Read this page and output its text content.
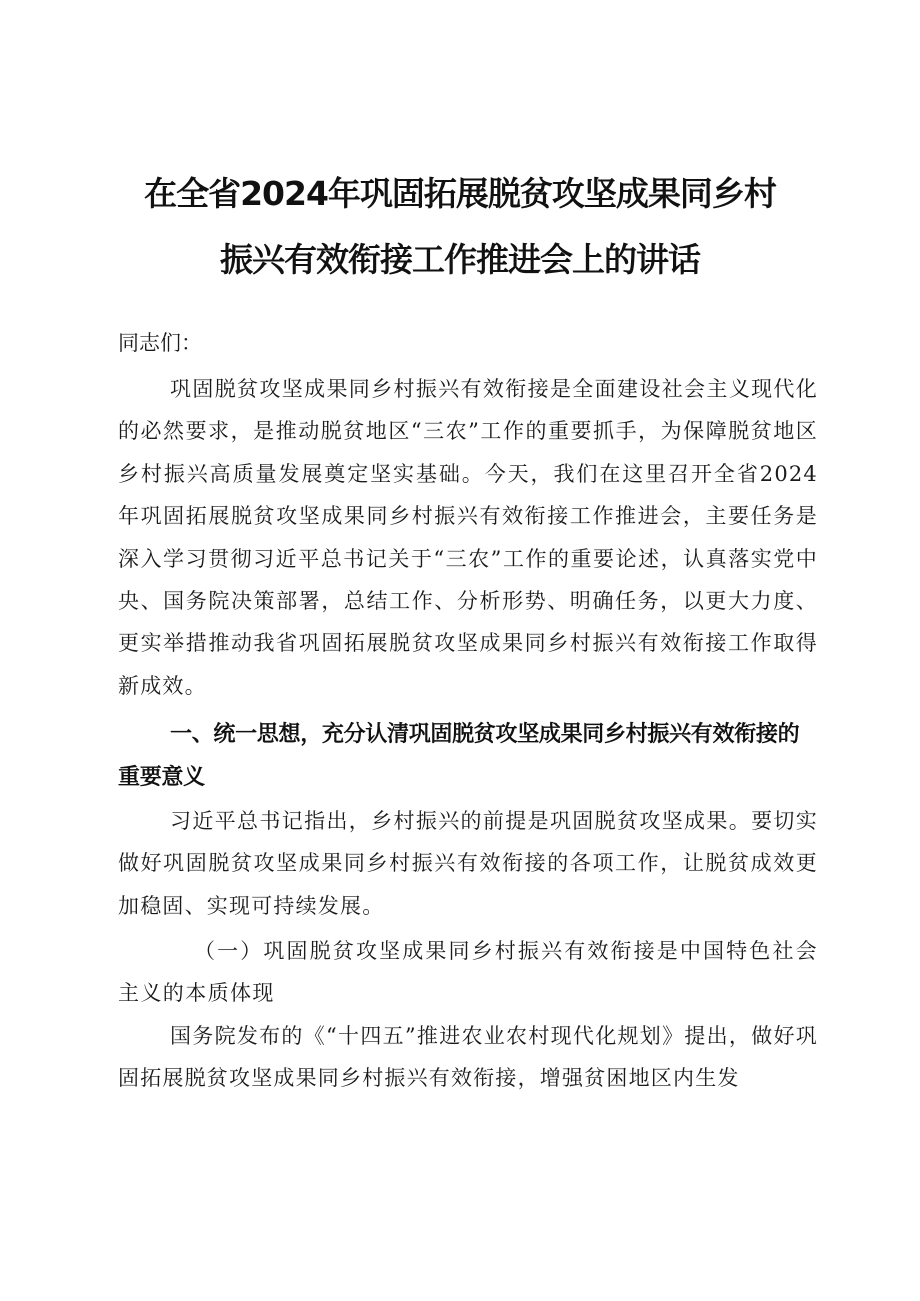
在全省2024年巩固拓展脱贫攻坚成果同乡村
振兴有效衔接工作推进会上的讲话

同志们：

巩固脱贫攻坚成果同乡村振兴有效衔接是全面建设社会主义现代化的必然要求，是推动脱贫地区“三农”工作的重要抓手，为保障脱贫地区乡村振兴高质量发展奠定坚实基础。今天，我们在这里召开全省2024年巩固拓展脱贫攻坚成果同乡村振兴有效衔接工作推进会，主要任务是深入学习贯彻习近平总书记关于“三农”工作的重要论述，认真落实党中央、国务院决策部署，总结工作、分析形势、明确任务，以更大力度、更实举措推动我省巩固拓展脱贫攻坚成果同乡村振兴有效衔接工作取得新成效。

一、统一思想，充分认清巩固脱贫攻坚成果同乡村振兴有效衔接的重要意义

习近平总书记指出，乡村振兴的前提是巩固脱贫攻坚成果。要切实做好巩固脱贫攻坚成果同乡村振兴有效衔接的各项工作，让脱贫成效更加稳固、实现可持续发展。

（一）巩固脱贫攻坚成果同乡村振兴有效衔接是中国特色社会主义的本质体现

国务院发布的《“十四五”推进农业农村现代化规划》提出，做好巩固拓展脱贫攻坚成果同乡村振兴有效衔接，增强贫困地区内生发
